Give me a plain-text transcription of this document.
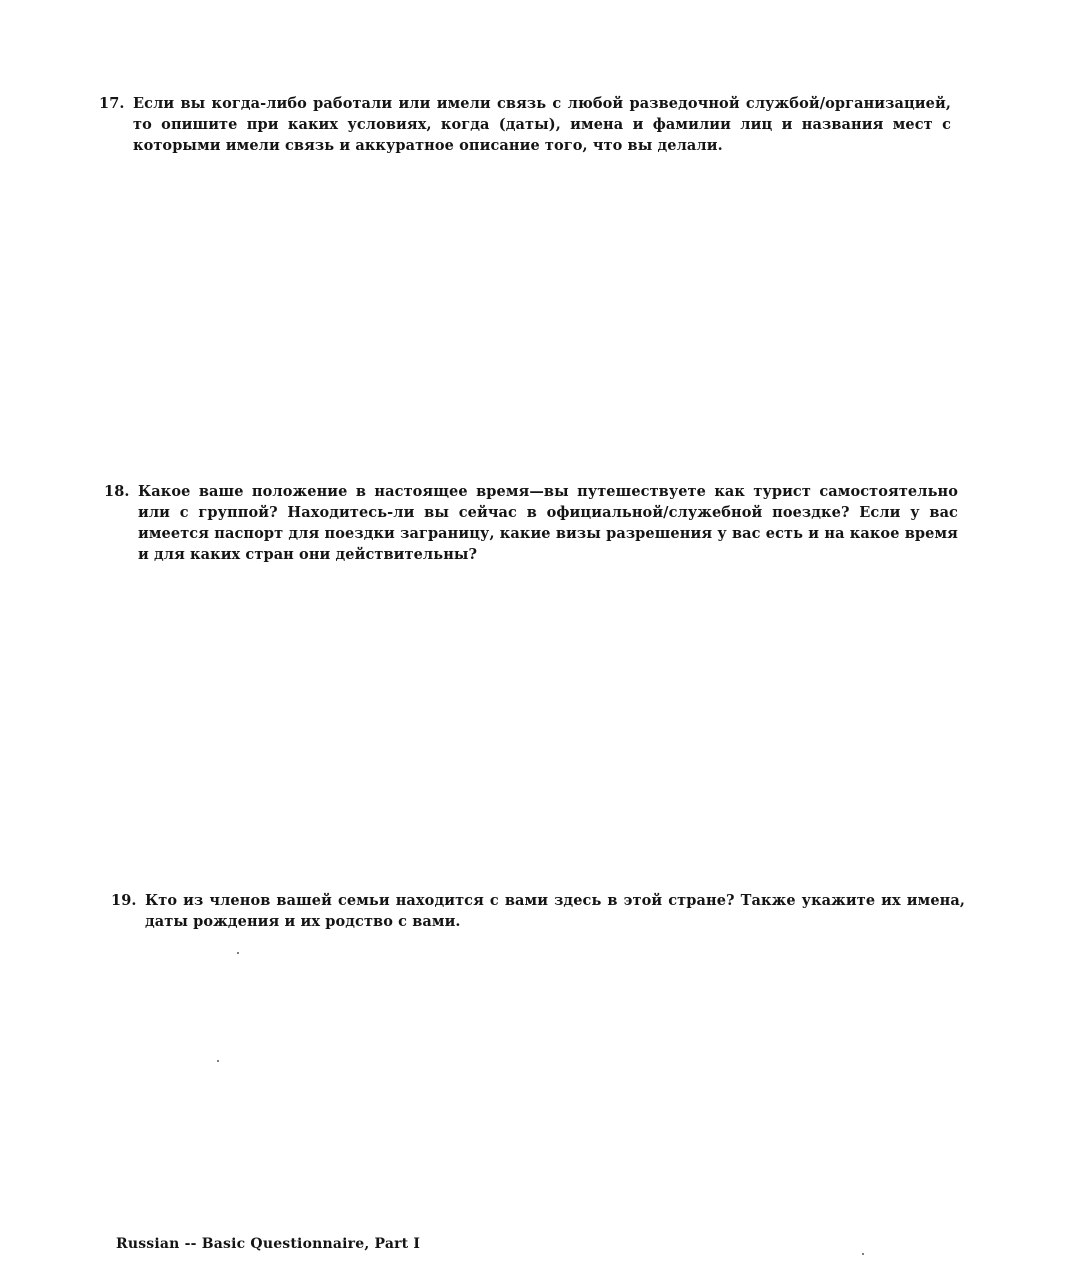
17. Если вы когда-либо работали или имели связь с любой разведочной службой/организацией, то опишите при каких условиях, когда (даты), имена и фамилии лиц и названия мест с которыми имели связь и аккуратное описание того, что вы делали.
18. Какое ваше положение в настоящее время—вы путешествуете как турист самостоятельно или с группой? Находитесь-ли вы сейчас в официальной/служебной поездке? Если у вас имеется паспорт для поездки заграницу, какие визы разрешения у вас есть и на какое время и для каких стран они действительны?
19. Кто из членов вашей семьи находится с вами здесь в этой стране? Также укажите их имена, даты рождения и их родство с вами.
Russian -- Basic Questionnaire, Part I
